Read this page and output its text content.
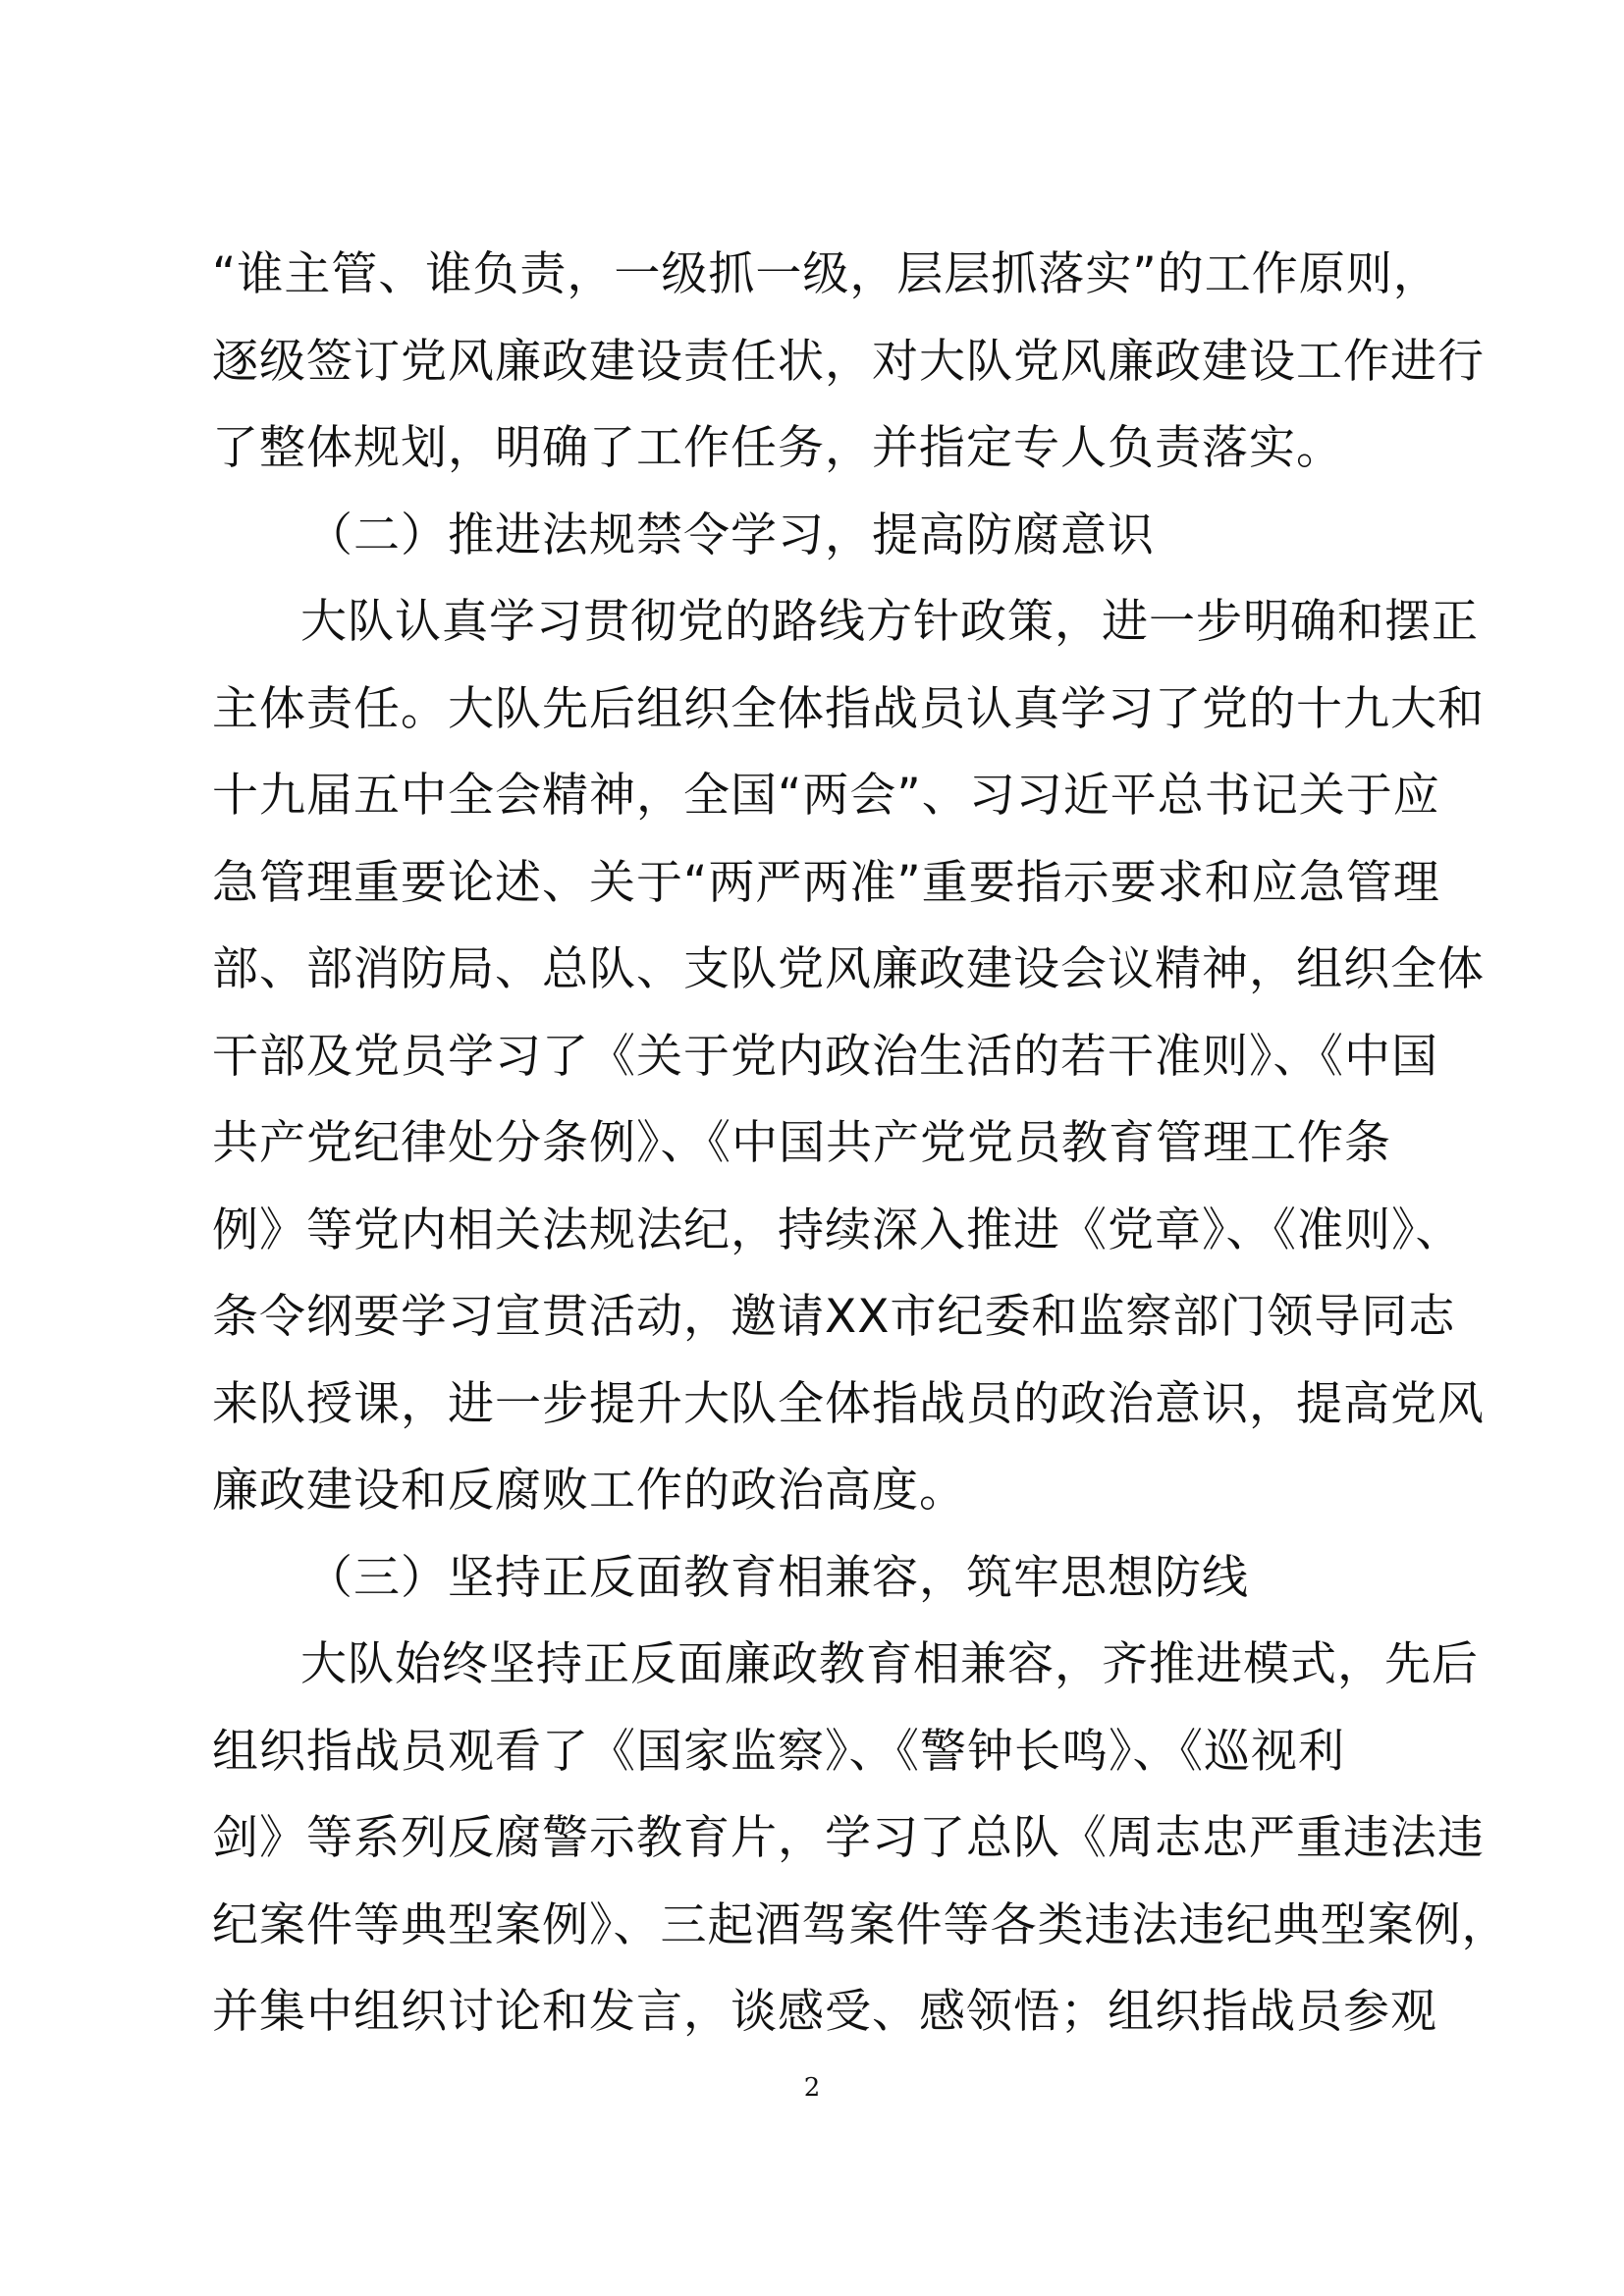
“谁主管、谁负责，一级抓一级，层层抓落实”的工作原则，
逐级签订党风廉政建设责任状，对大队党风廉政建设工作进行
了整体规划，明确了工作任务，并指定专人负责落实。
（二）推进法规禁令学习，提高防腐意识
大队认真学习贯彻党的路线方针政策，进一步明确和摆正
主体责任。大队先后组织全体指战员认真学习了党的十九大和
十九届五中全会精神，全国“两会”、习习近平总书记关于应
急管理重要论述、关于“两严两准”重要指示要求和应急管理
部、部消防局、总队、支队党风廉政建设会议精神，组织全体
干部及党员学习了《关于党内政治生活的若干准则》、《中国
共产党纪律处分条例》、《中国共产党党员教育管理工作条
例》等党内相关法规法纪，持续深入推进《党章》、《准则》、
条令纲要学习宣贯活动，邀请XX市纪委和监察部门领导同志
来队授课，进一步提升大队全体指战员的政治意识，提高党风
廉政建设和反腐败工作的政治高度。
（三）坚持正反面教育相兼容，筑牢思想防线
大队始终坚持正反面廉政教育相兼容，齐推进模式，先后
组织指战员观看了《国家监察》、《警钟长鸣》、《巡视利
剑》等系列反腐警示教育片，学习了总队《周志忠严重违法违
纪案件等典型案例》、三起酒驾案件等各类违法违纪典型案例，
并集中组织讨论和发言，谈感受、感领悟；组织指战员参观
2
